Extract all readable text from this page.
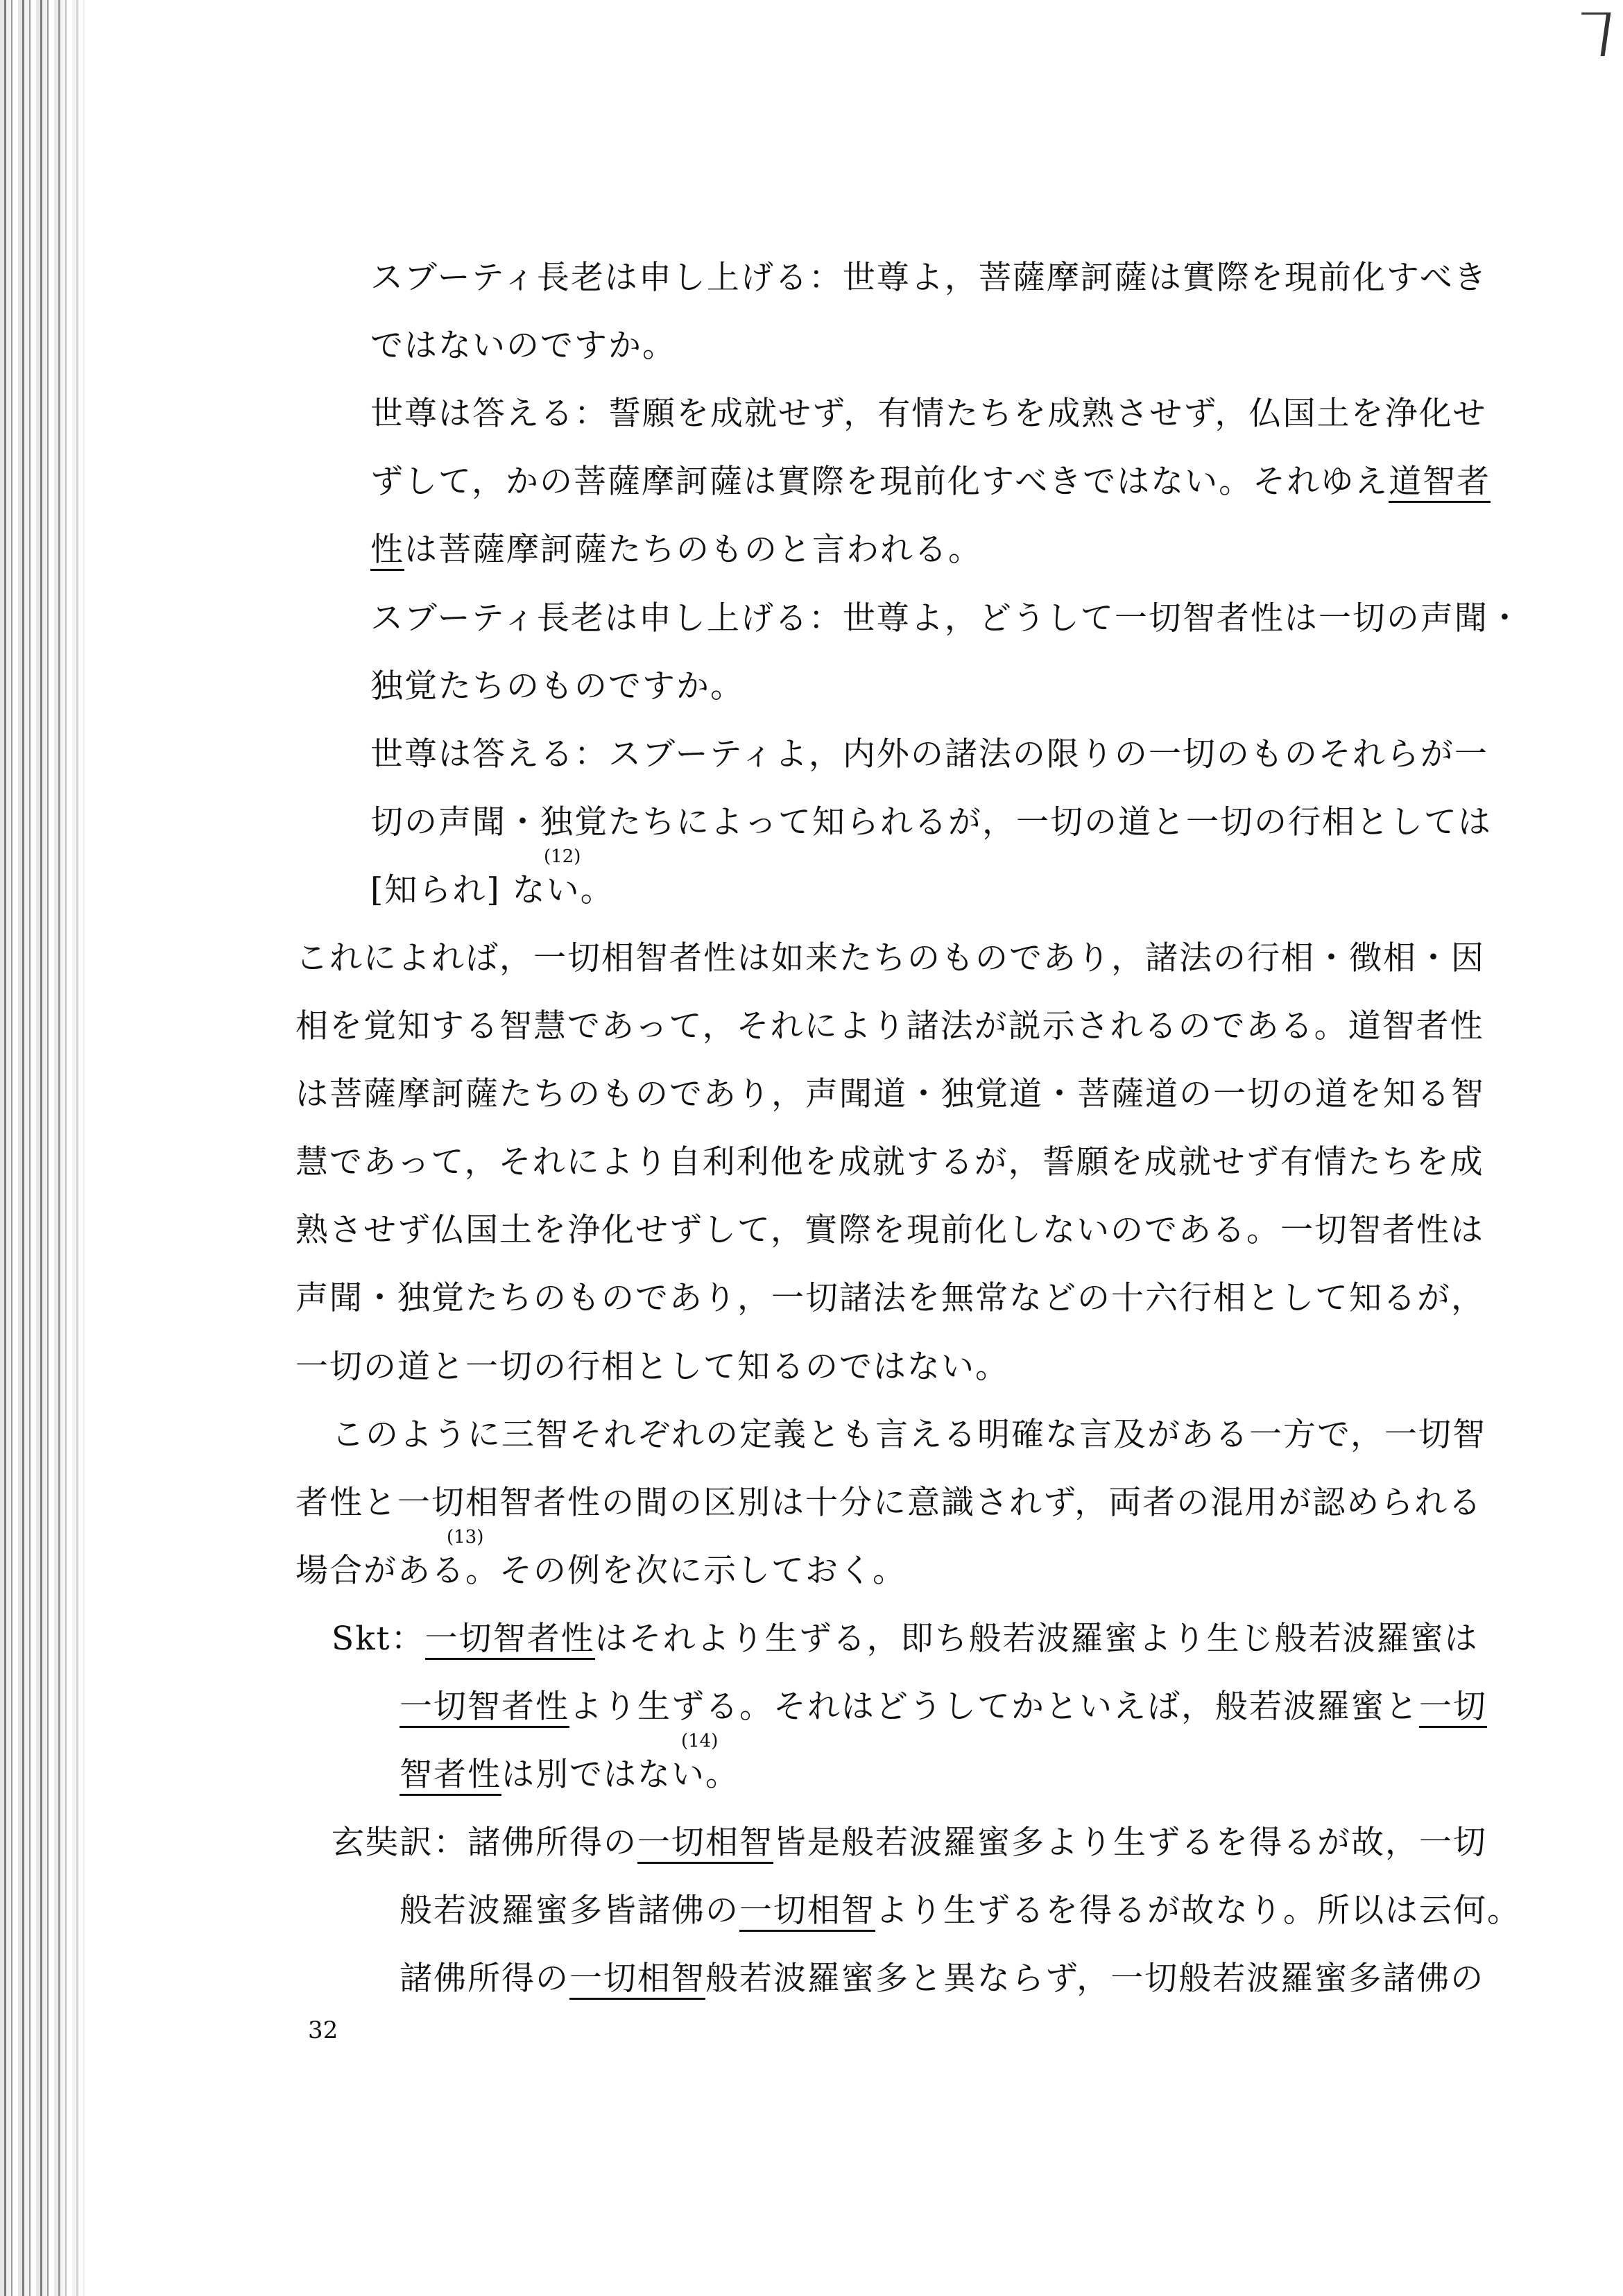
スブーティ長老は申し上げる：世尊よ，菩薩摩訶薩は實際を現前化すべき

ではないのですか。

世尊は答える：誓願を成就せず，有情たちを成熟させず，仏国土を浄化せ

ずして，かの菩薩摩訶薩は實際を現前化すべきではない。それゆえ道智者

性は菩薩摩訶薩たちのものと言われる。

スブーティ長老は申し上げる：世尊よ，どうして一切智者性は一切の声聞・

独覚たちのものですか。

世尊は答える：スブーティよ，内外の諸法の限りの一切のものそれらが一

切の声聞・独覚たちによって知られるが，一切の道と一切の行相としては

(12)

[知られ] ない。

これによれば，一切相智者性は如来たちのものであり，諸法の行相・徴相・因

相を覚知する智慧であって，それにより諸法が説示されるのである。道智者性

は菩薩摩訶薩たちのものであり，声聞道・独覚道・菩薩道の一切の道を知る智

慧であって，それにより自利利他を成就するが，誓願を成就せず有情たちを成

熟させず仏国土を浄化せずして，實際を現前化しないのである。一切智者性は

声聞・独覚たちのものであり，一切諸法を無常などの十六行相として知るが，

一切の道と一切の行相として知るのではない。

このように三智それぞれの定義とも言える明確な言及がある一方で，一切智

者性と一切相智者性の間の区別は十分に意識されず，両者の混用が認められる

(13)

場合がある。その例を次に示しておく。

Skt：一切智者性はそれより生ずる，即ち般若波羅蜜より生じ般若波羅蜜は

一切智者性より生ずる。それはどうしてかといえば，般若波羅蜜と一切

(14)

智者性は別ではない。

玄奘訳：諸佛所得の一切相智皆是般若波羅蜜多より生ずるを得るが故，一切

般若波羅蜜多皆諸佛の一切相智より生ずるを得るが故なり。所以は云何。

諸佛所得の一切相智般若波羅蜜多と異ならず，一切般若波羅蜜多諸佛の

32
